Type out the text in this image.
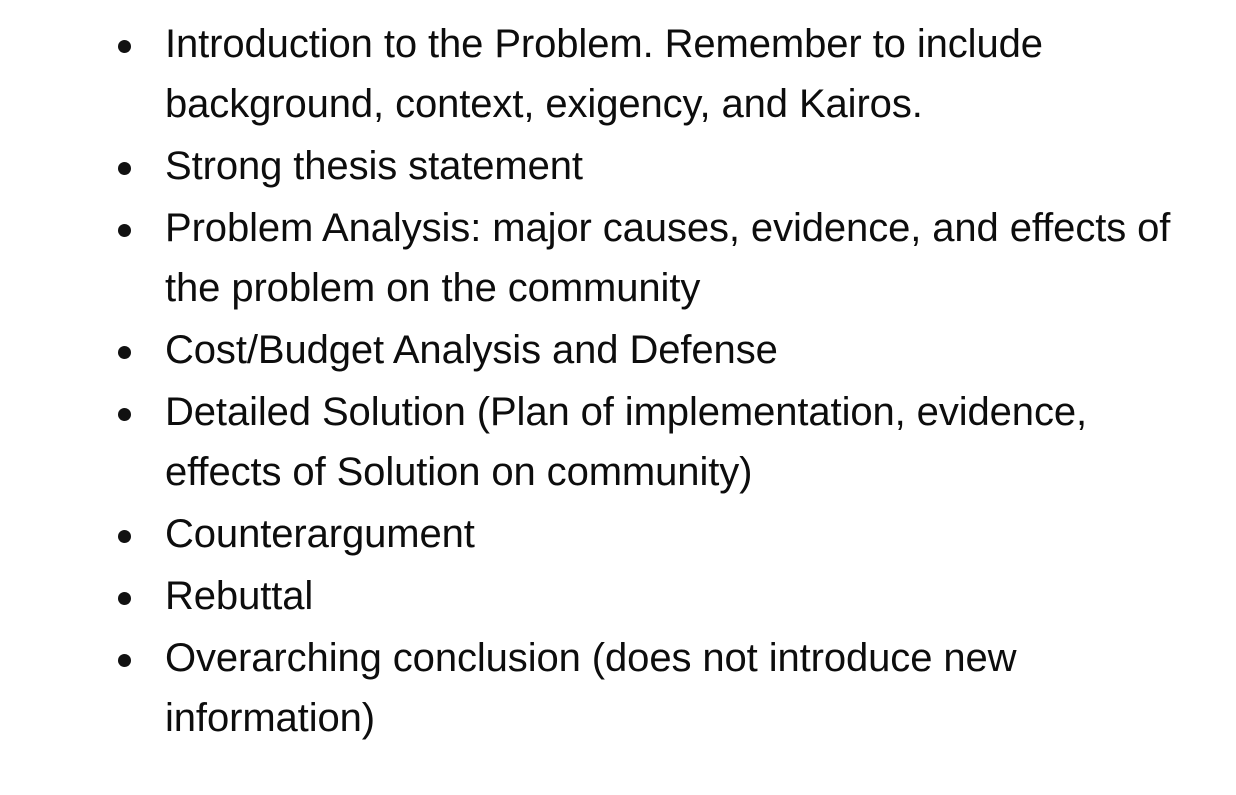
Introduction to the Problem. Remember to include background, context, exigency, and Kairos.
Strong thesis statement
Problem Analysis: major causes, evidence, and effects of the problem on the community
Cost/Budget Analysis and Defense
Detailed Solution (Plan of implementation, evidence, effects of Solution on community)
Counterargument
Rebuttal
Overarching conclusion (does not introduce new information)
